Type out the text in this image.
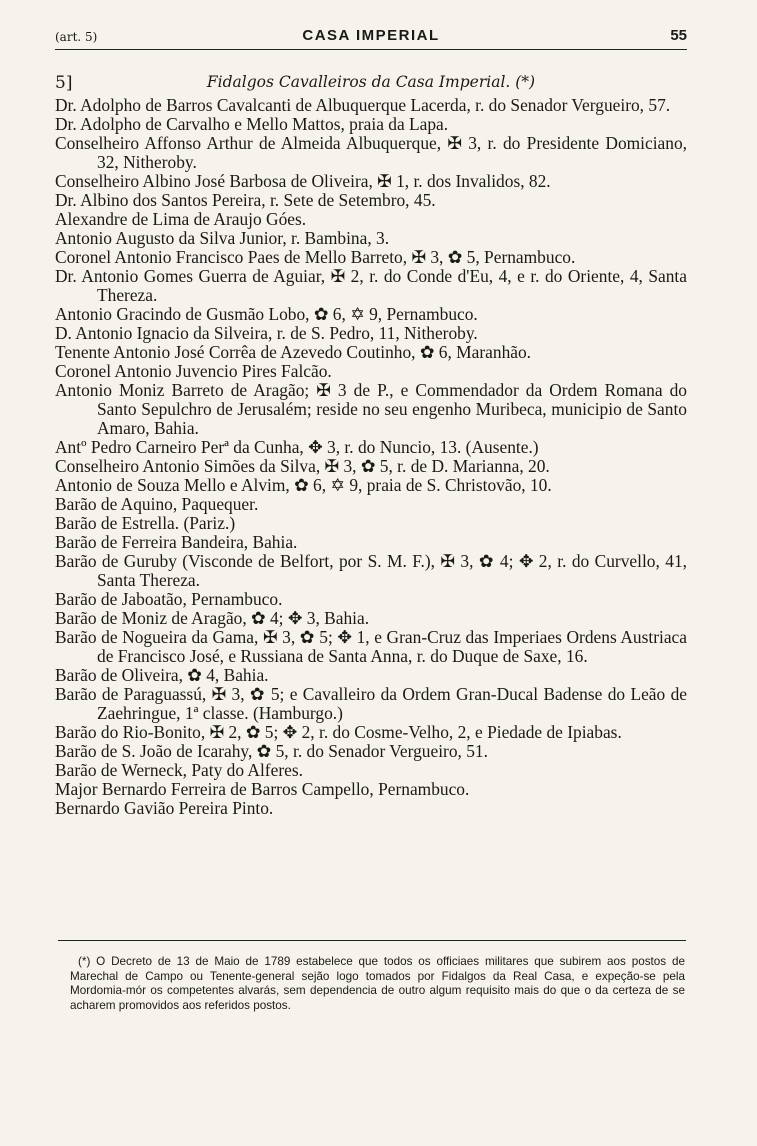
(art. 5)	CASA IMPERIAL	55
5]	Fidalgos Cavalleiros da Casa Imperial. (*)
Dr. Adolpho de Barros Cavalcanti de Albuquerque Lacerda, r. do Senador Vergueiro, 57.
Dr. Adolpho de Carvalho e Mello Mattos, praia da Lapa.
Conselheiro Affonso Arthur de Almeida Albuquerque, ✠ 3, r. do Presidente Domiciano, 32, Nitheroby.
Conselheiro Albino José Barbosa de Oliveira, ✠ 1, r. dos Invalidos, 82.
Dr. Albino dos Santos Pereira, r. Sete de Setembro, 45.
Alexandre de Lima de Araujo Góes.
Antonio Augusto da Silva Junior, r. Bambina, 3.
Coronel Antonio Francisco Paes de Mello Barreto, ✠ 3, ✿ 5, Pernambuco.
Dr. Antonio Gomes Guerra de Aguiar, ✠ 2, r. do Conde d'Eu, 4, e r. do Oriente, 4, Santa Thereza.
Antonio Gracindo de Gusmão Lobo, ✿ 6, ✡ 9, Pernambuco.
D. Antonio Ignacio da Silveira, r. de S. Pedro, 11, Nitheroby.
Tenente Antonio José Corrêa de Azevedo Coutinho, ✿ 6, Maranhão.
Coronel Antonio Juvencio Pires Falcão.
Antonio Moniz Barreto de Aragão; ✠ 3 de P., e Commendador da Ordem Romana do Santo Sepulchro de Jerusalém; reside no seu engenho Muribeca, municipio de Santo Amaro, Bahia.
Antº Pedro Carneiro Perª da Cunha, ✥ 3, r. do Nuncio, 13. (Ausente.)
Conselheiro Antonio Simões da Silva, ✠ 3, ✿ 5, r. de D. Marianna, 20.
Antonio de Souza Mello e Alvim, ✿ 6, ✡ 9, praia de S. Christovão, 10.
Barão de Aquino, Paquequer.
Barão de Estrella. (Pariz.)
Barão de Ferreira Bandeira, Bahia.
Barão de Guruby (Visconde de Belfort, por S. M. F.), ✠ 3, ✿ 4; ✥ 2, r. do Curvello, 41, Santa Thereza.
Barão de Jaboatão, Pernambuco.
Barão de Moniz de Aragão, ✿ 4; ✥ 3, Bahia.
Barão de Nogueira da Gama, ✠ 3, ✿ 5; ✥ 1, e Gran-Cruz das Imperiaes Ordens Austriaca de Francisco José, e Russiana de Santa Anna, r. do Duque de Saxe, 16.
Barão de Oliveira, ✿ 4, Bahia.
Barão de Paraguassú, ✠ 3, ✿ 5; e Cavalleiro da Ordem Gran-Ducal Badense do Leão de Zaehringue, 1ª classe. (Hamburgo.)
Barão do Rio-Bonito, ✠ 2, ✿ 5; ✥ 2, r. do Cosme-Velho, 2, e Piedade de Ipiabas.
Barão de S. João de Icarahy, ✿ 5, r. do Senador Vergueiro, 51.
Barão de Werneck, Paty do Alferes.
Major Bernardo Ferreira de Barros Campello, Pernambuco.
Bernardo Gavião Pereira Pinto.

(*) O Decreto de 13 de Maio de 1789 estabelece que todos os officiaes militares que subirem aos postos de Marechal de Campo ou Tenente-general sejão logo tomados por Fidalgos da Real Casa, e expeção-se pela Mordomia-mór os competentes alvarás, sem dependencia de outro algum requisito mais do que o da certeza de se acharem promovidos aos referidos postos.
